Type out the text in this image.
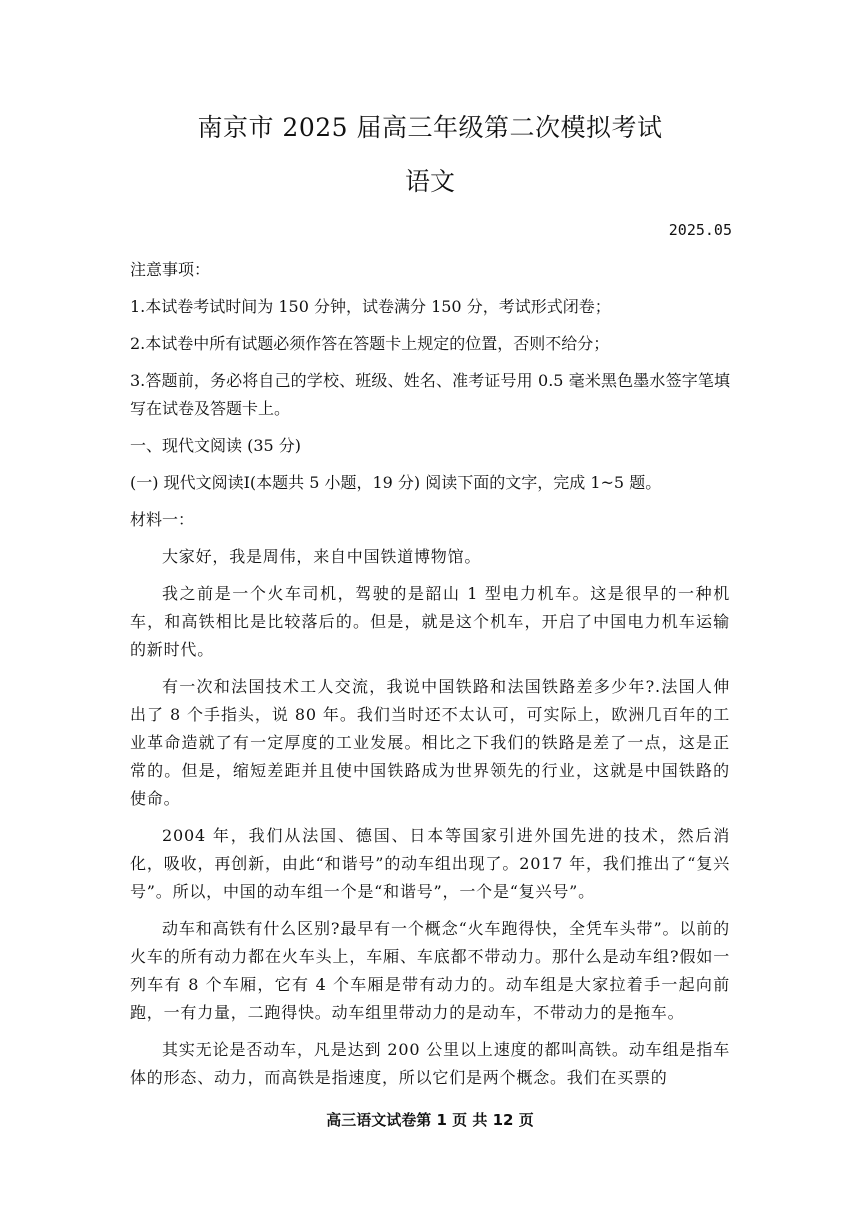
南京市 2025 届高三年级第二次模拟考试
语文
2025.05
注意事项：
1.本试卷考试时间为 150 分钟，试卷满分 150 分，考试形式闭卷；
2.本试卷中所有试题必须作答在答题卡上规定的位置，否则不给分；
3.答题前，务必将自己的学校、班级、姓名、准考证号用 0.5 毫米黑色墨水签字笔填写在试卷及答题卡上。
一、现代文阅读 (35 分)
(一) 现代文阅读Ⅰ(本题共 5 小题，19 分) 阅读下面的文字，完成 1~5 题。
材料一：
大家好，我是周伟，来自中国铁道博物馆。
我之前是一个火车司机，驾驶的是韶山 1 型电力机车。这是很早的一种机车，和高铁相比是比较落后的。但是，就是这个机车，开启了中国电力机车运输的新时代。
有一次和法国技术工人交流，我说中国铁路和法国铁路差多少年?.法国人伸出了 8 个手指头，说 80 年。我们当时还不太认可，可实际上，欧洲几百年的工业革命造就了有一定厚度的工业发展。相比之下我们的铁路是差了一点，这是正常的。但是，缩短差距并且使中国铁路成为世界领先的行业，这就是中国铁路的使命。
2004 年，我们从法国、德国、日本等国家引进外国先进的技术，然后消化，吸收，再创新，由此“和谐号”的动车组出现了。2017 年，我们推出了“复兴号”。所以，中国的动车组一个是“和谐号”，一个是“复兴号”。
动车和高铁有什么区别?最早有一个概念“火车跑得快，全凭车头带”。以前的火车的所有动力都在火车头上，车厢、车底都不带动力。那什么是动车组?假如一列车有 8 个车厢，它有 4 个车厢是带有动力的。动车组是大家拉着手一起向前跑，一有力量，二跑得快。动车组里带动力的是动车，不带动力的是拖车。
其实无论是否动车，凡是达到 200 公里以上速度的都叫高铁。动车组是指车体的形态、动力，而高铁是指速度，所以它们是两个概念。我们在买票的
高三语文试卷第 1 页 共 12 页
